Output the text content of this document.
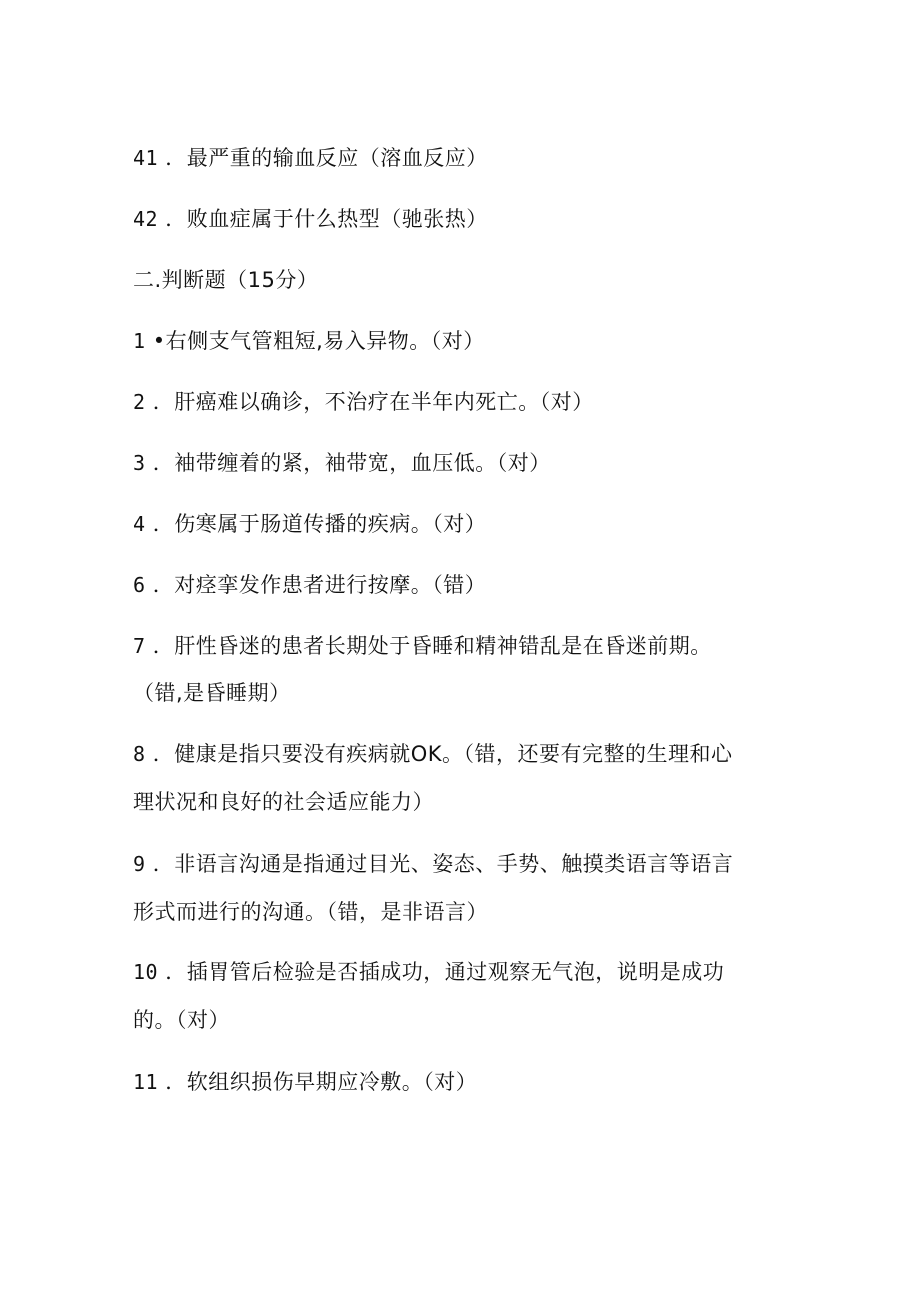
41 ．最严重的输血反应（溶血反应）
42 ．败血症属于什么热型（驰张热）
二.判断题（15分）
1 •右侧支气管粗短,易入异物。（对）
2 ．肝癌难以确诊，不治疗在半年内死亡。（对）
3 ．袖带缠着的紧，袖带宽，血压低。（对）
4 ．伤寒属于肠道传播的疾病。（对）
6 ．对痉挛发作患者进行按摩。（错）
7 ．肝性昏迷的患者长期处于昏睡和精神错乱是在昏迷前期。
（错,是昏睡期）
8 ．健康是指只要没有疾病就OK。（错，还要有完整的生理和心
理状况和良好的社会适应能力）
9 ．非语言沟通是指通过目光、姿态、手势、触摸类语言等语言
形式而进行的沟通。（错，是非语言）
10 ．插胃管后检验是否插成功，通过观察无气泡，说明是成功
的。（对）
11 ．软组织损伤早期应冷敷。（对）
